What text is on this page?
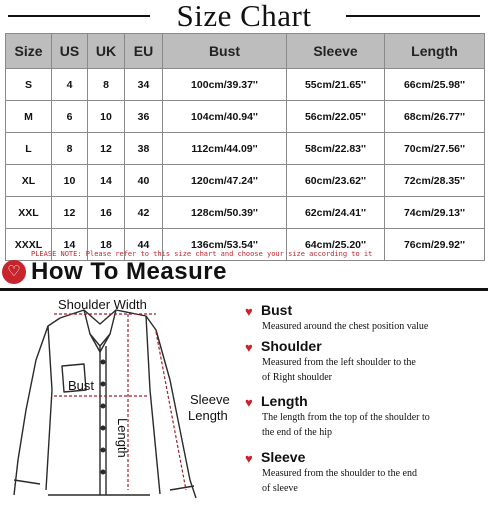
Size Chart
Size	US	UK	EU	Bust	Sleeve	Length
S	4	8	34	100cm/39.37''	55cm/21.65''	66cm/25.98''
M	6	10	36	104cm/40.94''	56cm/22.05''	68cm/26.77''
L	8	12	38	112cm/44.09''	58cm/22.83''	70cm/27.56''
XL	10	14	40	120cm/47.24''	60cm/23.62''	72cm/28.35''
XXL	12	16	42	128cm/50.39''	62cm/24.41''	74cm/29.13''
XXXL	14	18	44	136cm/53.54''	64cm/25.20''	76cm/29.92''
PLEASE NOTE: Please refer to this size chart and choose your size according to it
♡ How To Measure
Shoulder Width
Bust
Sleeve
Length
Length
♥ Bust
Measured around the chest position value
♥ Shoulder
Measured from the left shoulder to the
of Right shoulder
♥ Length
The length from the top of the shoulder to
the end of the hip
♥ Sleeve
Measured from the shoulder to the end
of sleeve
